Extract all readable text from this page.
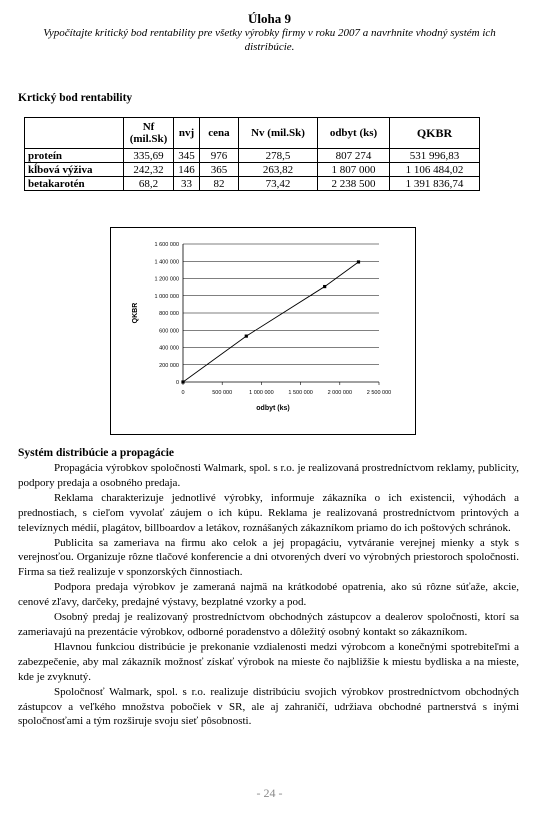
Úloha 9
Vypočítajte kritický bod rentability pre všetky výrobky firmy v roku 2007 a navrhnite vhodný systém ich distribúcie.
Krtický bod rentability
	Nf (mil.Sk)	nvj	cena	Nv (mil.Sk)	odbyt (ks)	QKBR
proteín	335,69	345	976	278,5	807 274	531 996,83
kĺbová výživa	242,32	146	365	263,82	1 807 000	1 106 484,02
betakarotén	68,2	33	82	73,42	2 238 500	1 391 836,74
0
200 000
400 000
600 000
800 000
1 000 000
1 200 000
1 400 000
1 600 000
0	500 000	1 000 000	1 500 000	2 000 000	2 500 000
odbyt (ks)
QKBR
Systém distribúcie a propagácie

Propagácia výrobkov spoločnosti Walmark, spol. s r.o. je realizovaná prostredníctvom reklamy, publicity, podpory predaja a osobného predaja.

Reklama charakterizuje jednotlivé výrobky, informuje zákazníka o ich existencii, výhodách a prednostiach, s cieľom vyvolať záujem o ich kúpu. Reklama je realizovaná prostredníctvom printových a televíznych médií, plagátov, billboardov a letákov, roznášaných zákazníkom priamo do ich poštových schránok.

Publicita sa zameriava na firmu ako celok a jej propagáciu, vytváranie verejnej mienky a styk s verejnosťou. Organizuje rôzne tlačové konferencie a dni otvorených dverí vo výrobných priestoroch spoločnosti. Firma sa tiež realizuje v sponzorských činnostiach.

Podpora predaja výrobkov je zameraná najmä na krátkodobé opatrenia, ako sú rôzne súťaže, akcie, cenové zľavy, darčeky, predajné výstavy, bezplatné vzorky a pod.

Osobný predaj je realizovaný prostredníctvom obchodných zástupcov a dealerov spoločnosti, ktorí sa zameriavajú na prezentácie výrobkov, odborné poradenstvo a dôležitý osobný kontakt so zákazníkom.

Hlavnou funkciou distribúcie je prekonanie vzdialenosti medzi výrobcom a konečnými spotrebiteľmi a zabezpečenie, aby mal zákazník možnosť získať výrobok na mieste čo najbližšie k miestu bydliska a na mieste, kde je zvyknutý.

Spoločnosť Walmark, spol. s r.o. realizuje distribúciu svojich výrobkov prostredníctvom obchodných zástupcov a veľkého množstva pobočiek v SR, ale aj zahraničí, udržiava obchodné partnerstvá s inými spoločnosťami a tým rozširuje svoju sieť pôsobnosti.

- 24 -
